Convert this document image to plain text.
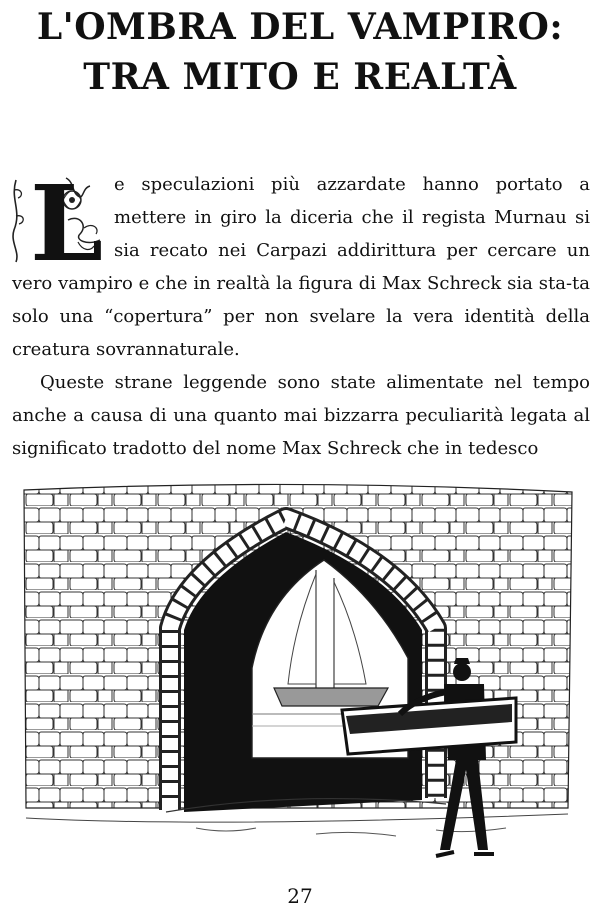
L'OMBRA DEL VAMPIRO:
TRA MITO E REALTÀ

L e speculazioni più azzardate hanno portato a mettere in giro la diceria che il regista Murnau si sia recato nei Carpazi addirittura per cercare un vero vampiro e che in realtà la figura di Max Schreck sia sta-ta solo una “copertura” per non svelare la vera identità della creatura sovrannaturale.

Queste strane leggende sono state alimentate nel tempo anche a causa di una quanto mai bizzarra peculiarità legata al significato tradotto del nome Max Schreck che in tedesco

27
